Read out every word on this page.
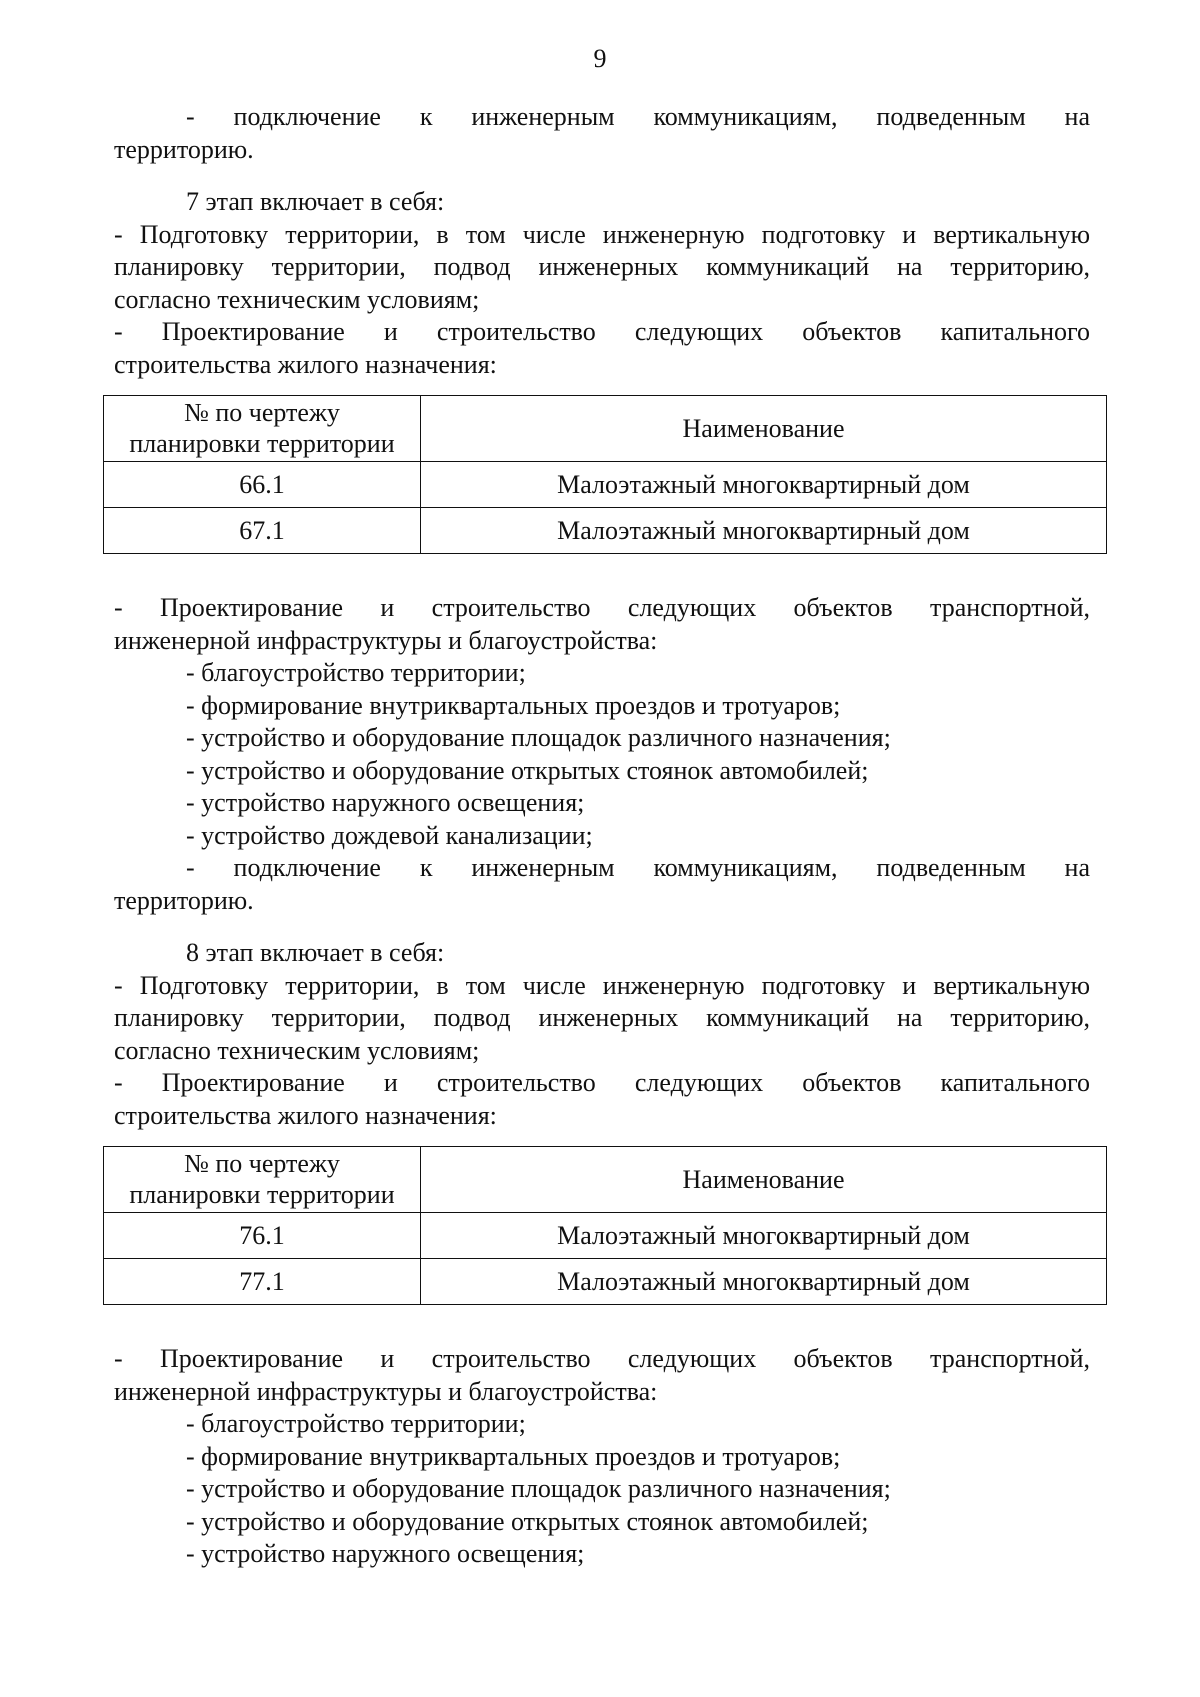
9

- подключение к инженерным коммуникациям, подведенным на

территорию.

7 этап включает в себя:

- Подготовку территории, в том числе инженерную подготовку и вертикальную

планировку территории, подвод инженерных коммуникаций на территорию,

согласно техническим условиям;

- Проектирование и строительство следующих объектов капитального

строительства жилого назначения:

№ по чертежу
планировки территории	Наименование
66.1	Малоэтажный многоквартирный дом
67.1	Малоэтажный многоквартирный дом

- Проектирование и строительство следующих объектов транспортной,

инженерной инфраструктуры и благоустройства:

- благоустройство территории;

- формирование внутриквартальных проездов и тротуаров;

- устройство и оборудование площадок различного назначения;

- устройство и оборудование открытых стоянок автомобилей;

- устройство наружного освещения;

- устройство дождевой канализации;

- подключение к инженерным коммуникациям, подведенным на

территорию.

8 этап включает в себя:

- Подготовку территории, в том числе инженерную подготовку и вертикальную

планировку территории, подвод инженерных коммуникаций на территорию,

согласно техническим условиям;

- Проектирование и строительство следующих объектов капитального

строительства жилого назначения:

№ по чертежу
планировки территории	Наименование
76.1	Малоэтажный многоквартирный дом
77.1	Малоэтажный многоквартирный дом

- Проектирование и строительство следующих объектов транспортной,

инженерной инфраструктуры и благоустройства:

- благоустройство территории;

- формирование внутриквартальных проездов и тротуаров;

- устройство и оборудование площадок различного назначения;

- устройство и оборудование открытых стоянок автомобилей;

- устройство наружного освещения;
